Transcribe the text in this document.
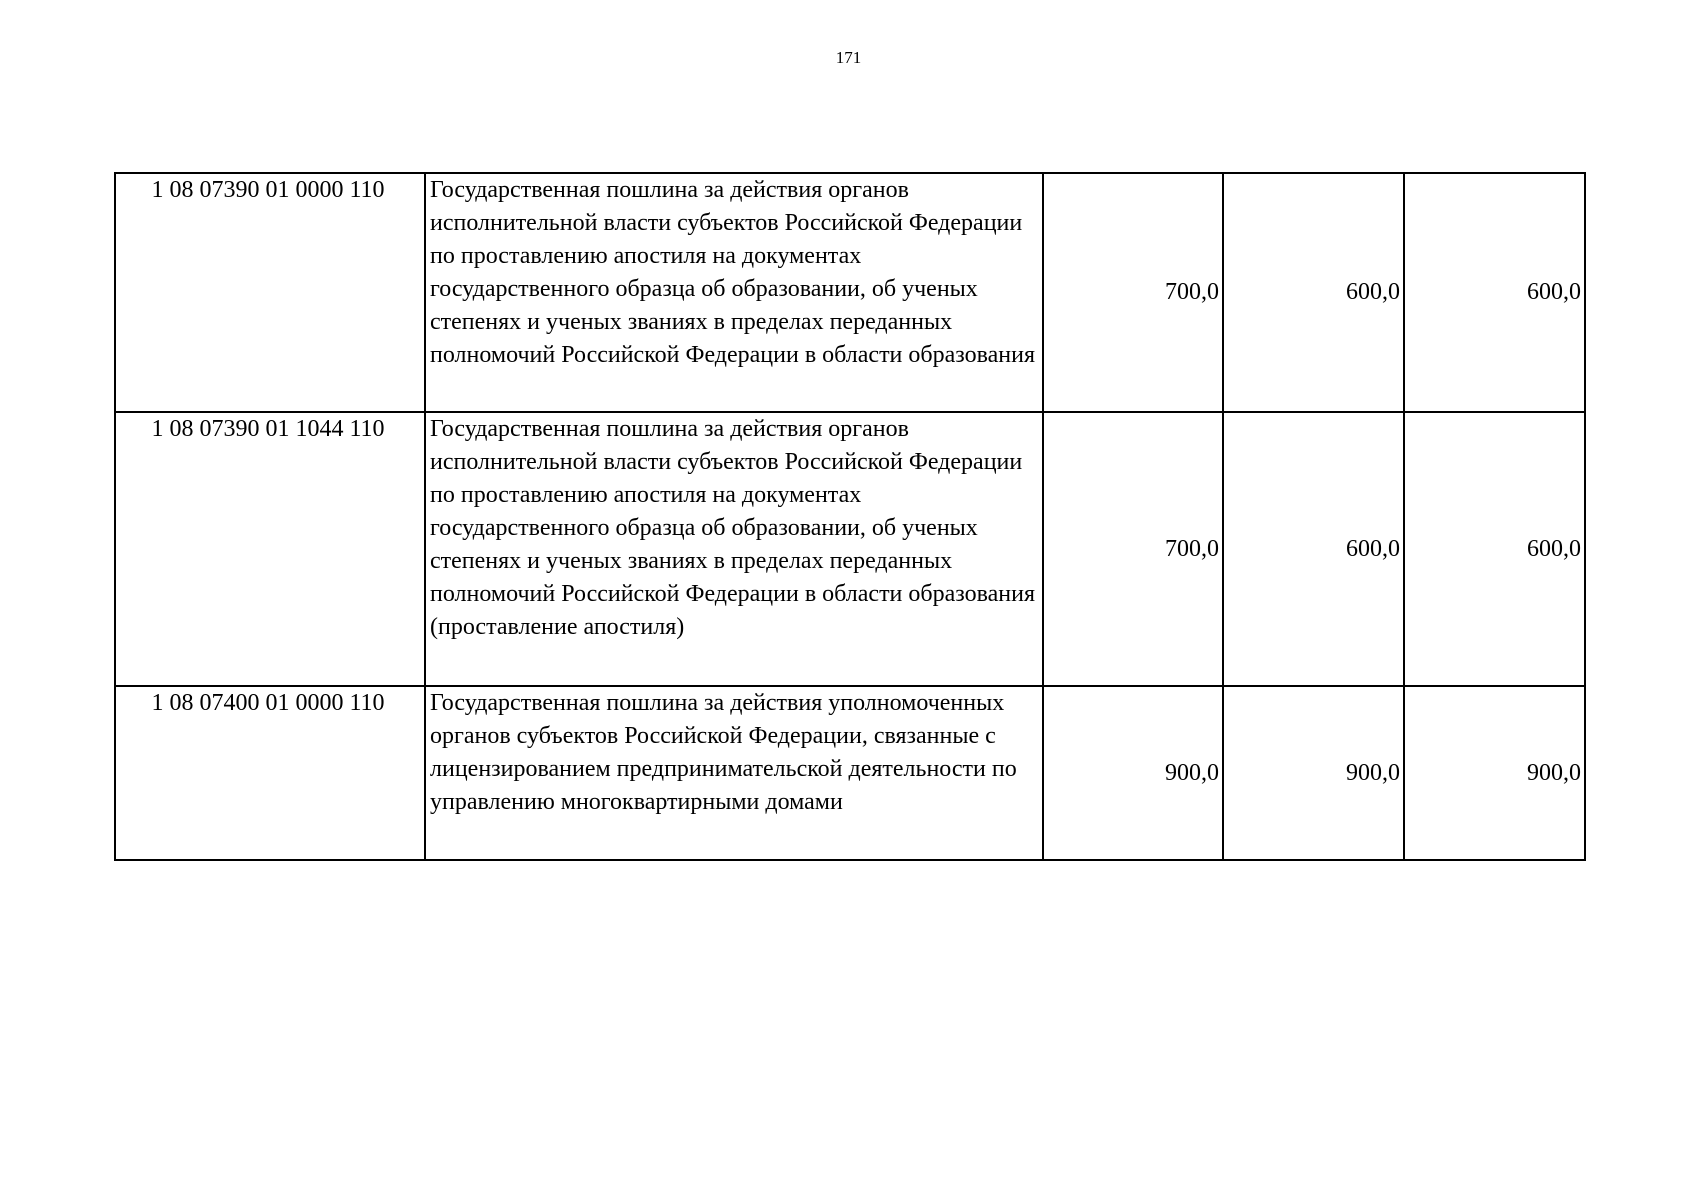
171
1 08 07390 01 0000 110	Государственная пошлина за действия органов исполнительной власти субъектов Российской Федерации по проставлению апостиля на документах государственного образца об образовании, об ученых степенях и ученых званиях в пределах переданных полномочий Российской Федерации в области образования	700,0	600,0	600,0
1 08 07390 01 1044 110	Государственная пошлина за действия органов исполнительной власти субъектов Российской Федерации по проставлению апостиля на документах государственного образца об образовании, об ученых степенях и ученых званиях в пределах переданных полномочий Российской Федерации в области образования (проставление апостиля)	700,0	600,0	600,0
1 08 07400 01 0000 110	Государственная пошлина за действия уполномоченных органов субъектов Российской Федерации, связанные с лицензированием предпринимательской деятельности по управлению многоквартирными домами	900,0	900,0	900,0
